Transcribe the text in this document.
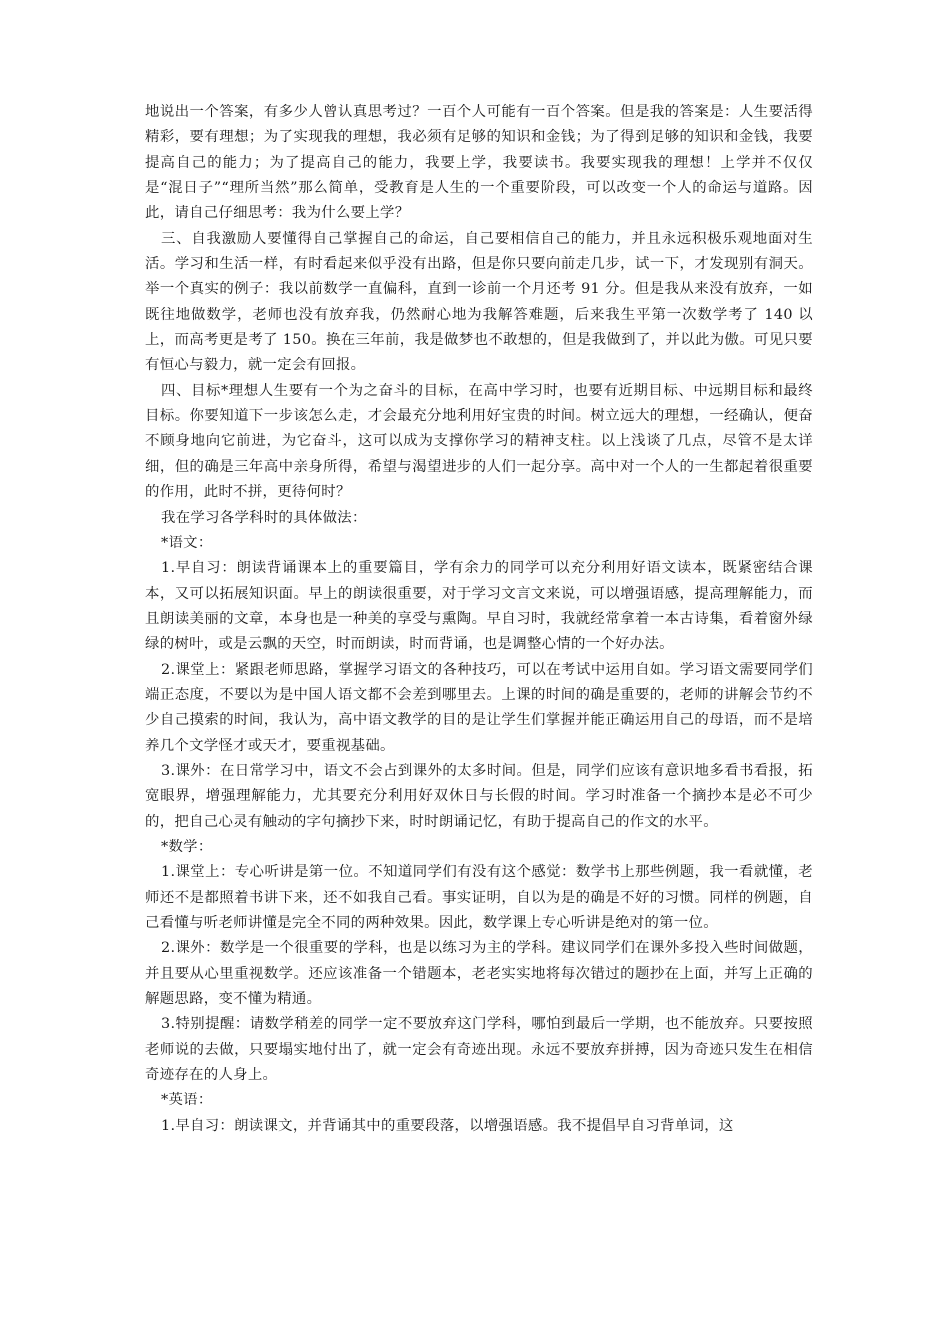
地说出一个答案，有多少人曾认真思考过？一百个人可能有一百个答案。但是我的答案是：人生要活得精彩，要有理想；为了实现我的理想，我必须有足够的知识和金钱；为了得到足够的知识和金钱，我要提高自己的能力；为了提高自己的能力，我要上学，我要读书。我要实现我的理想！上学并不仅仅是“混日子”“理所当然”那么简单，受教育是人生的一个重要阶段，可以改变一个人的命运与道路。因此，请自己仔细思考：我为什么要上学？

三、自我激励人要懂得自己掌握自己的命运，自己要相信自己的能力，并且永远积极乐观地面对生活。学习和生活一样，有时看起来似乎没有出路，但是你只要向前走几步，试一下，才发现别有洞天。举一个真实的例子：我以前数学一直偏科，直到一诊前一个月还考 91 分。但是我从来没有放弃，一如既往地做数学，老师也没有放弃我，仍然耐心地为我解答难题，后来我生平第一次数学考了 140 以上，而高考更是考了 150。换在三年前，我是做梦也不敢想的，但是我做到了，并以此为傲。可见只要有恒心与毅力，就一定会有回报。

四、目标*理想人生要有一个为之奋斗的目标，在高中学习时，也要有近期目标、中远期目标和最终目标。你要知道下一步该怎么走，才会最充分地利用好宝贵的时间。树立远大的理想，一经确认，便奋不顾身地向它前进，为它奋斗，这可以成为支撑你学习的精神支柱。以上浅谈了几点，尽管不是太详细，但的确是三年高中亲身所得，希望与渴望进步的人们一起分享。高中对一个人的一生都起着很重要的作用，此时不拼，更待何时？

我在学习各学科时的具体做法：

*语文：

1.早自习：朗读背诵课本上的重要篇目，学有余力的同学可以充分利用好语文读本，既紧密结合课本，又可以拓展知识面。早上的朗读很重要，对于学习文言文来说，可以增强语感，提高理解能力，而且朗读美丽的文章，本身也是一种美的享受与熏陶。早自习时，我就经常拿着一本古诗集，看着窗外绿绿的树叶，或是云飘的天空，时而朗读，时而背诵，也是调整心情的一个好办法。

2.课堂上：紧跟老师思路，掌握学习语文的各种技巧，可以在考试中运用自如。学习语文需要同学们端正态度，不要以为是中国人语文都不会差到哪里去。上课的时间的确是重要的，老师的讲解会节约不少自己摸索的时间，我认为，高中语文教学的目的是让学生们掌握并能正确运用自己的母语，而不是培养几个文学怪才或天才，要重视基础。

3.课外：在日常学习中，语文不会占到课外的太多时间。但是，同学们应该有意识地多看书看报，拓宽眼界，增强理解能力，尤其要充分利用好双休日与长假的时间。学习时准备一个摘抄本是必不可少的，把自己心灵有触动的字句摘抄下来，时时朗诵记忆，有助于提高自己的作文的水平。

*数学：

1.课堂上：专心听讲是第一位。不知道同学们有没有这个感觉：数学书上那些例题，我一看就懂，老师还不是都照着书讲下来，还不如我自己看。事实证明，自以为是的确是不好的习惯。同样的例题，自己看懂与听老师讲懂是完全不同的两种效果。因此，数学课上专心听讲是绝对的第一位。

2.课外：数学是一个很重要的学科，也是以练习为主的学科。建议同学们在课外多投入些时间做题，并且要从心里重视数学。还应该准备一个错题本，老老实实地将每次错过的题抄在上面，并写上正确的解题思路，变不懂为精通。

3.特别提醒：请数学稍差的同学一定不要放弃这门学科，哪怕到最后一学期，也不能放弃。只要按照老师说的去做，只要塌实地付出了，就一定会有奇迹出现。永远不要放弃拼搏，因为奇迹只发生在相信奇迹存在的人身上。

*英语：

1.早自习：朗读课文，并背诵其中的重要段落，以增强语感。我不提倡早自习背单词，这
